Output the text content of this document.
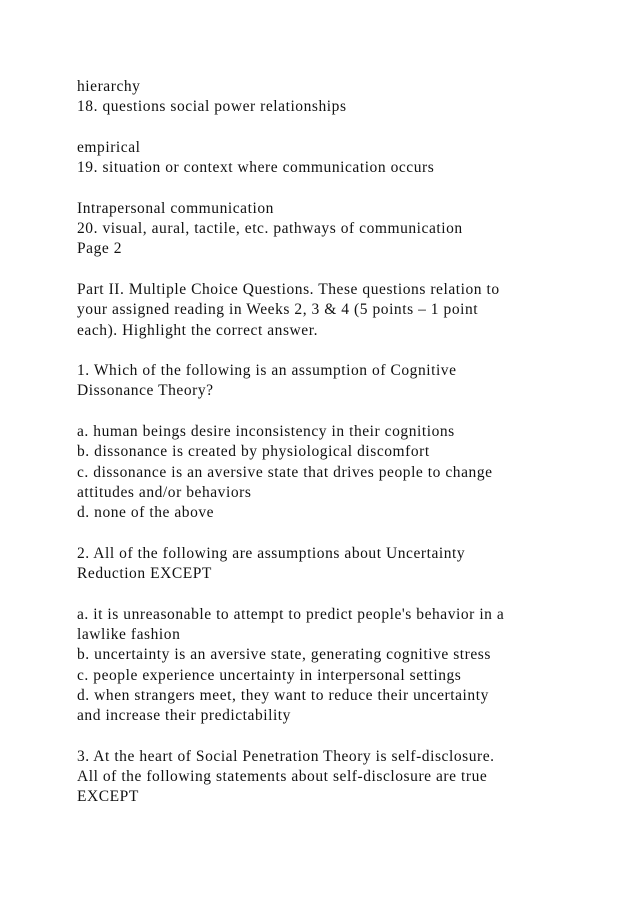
hierarchy
18. questions social power relationships
empirical
19. situation or context where communication occurs
Intrapersonal communication
20. visual, aural, tactile, etc. pathways of communication
Page 2
Part II. Multiple Choice Questions. These questions relation to
your assigned reading in Weeks 2, 3 & 4 (5 points – 1 point
each). Highlight the correct answer.
1. Which of the following is an assumption of Cognitive
Dissonance Theory?
a. human beings desire inconsistency in their cognitions
b. dissonance is created by physiological discomfort
c. dissonance is an aversive state that drives people to change
attitudes and/or behaviors
d. none of the above
2. All of the following are assumptions about Uncertainty
Reduction EXCEPT
a. it is unreasonable to attempt to predict people's behavior in a
lawlike fashion
b. uncertainty is an aversive state, generating cognitive stress
c. people experience uncertainty in interpersonal settings
d. when strangers meet, they want to reduce their uncertainty
and increase their predictability
3. At the heart of Social Penetration Theory is self-disclosure.
All of the following statements about self-disclosure are true
EXCEPT
